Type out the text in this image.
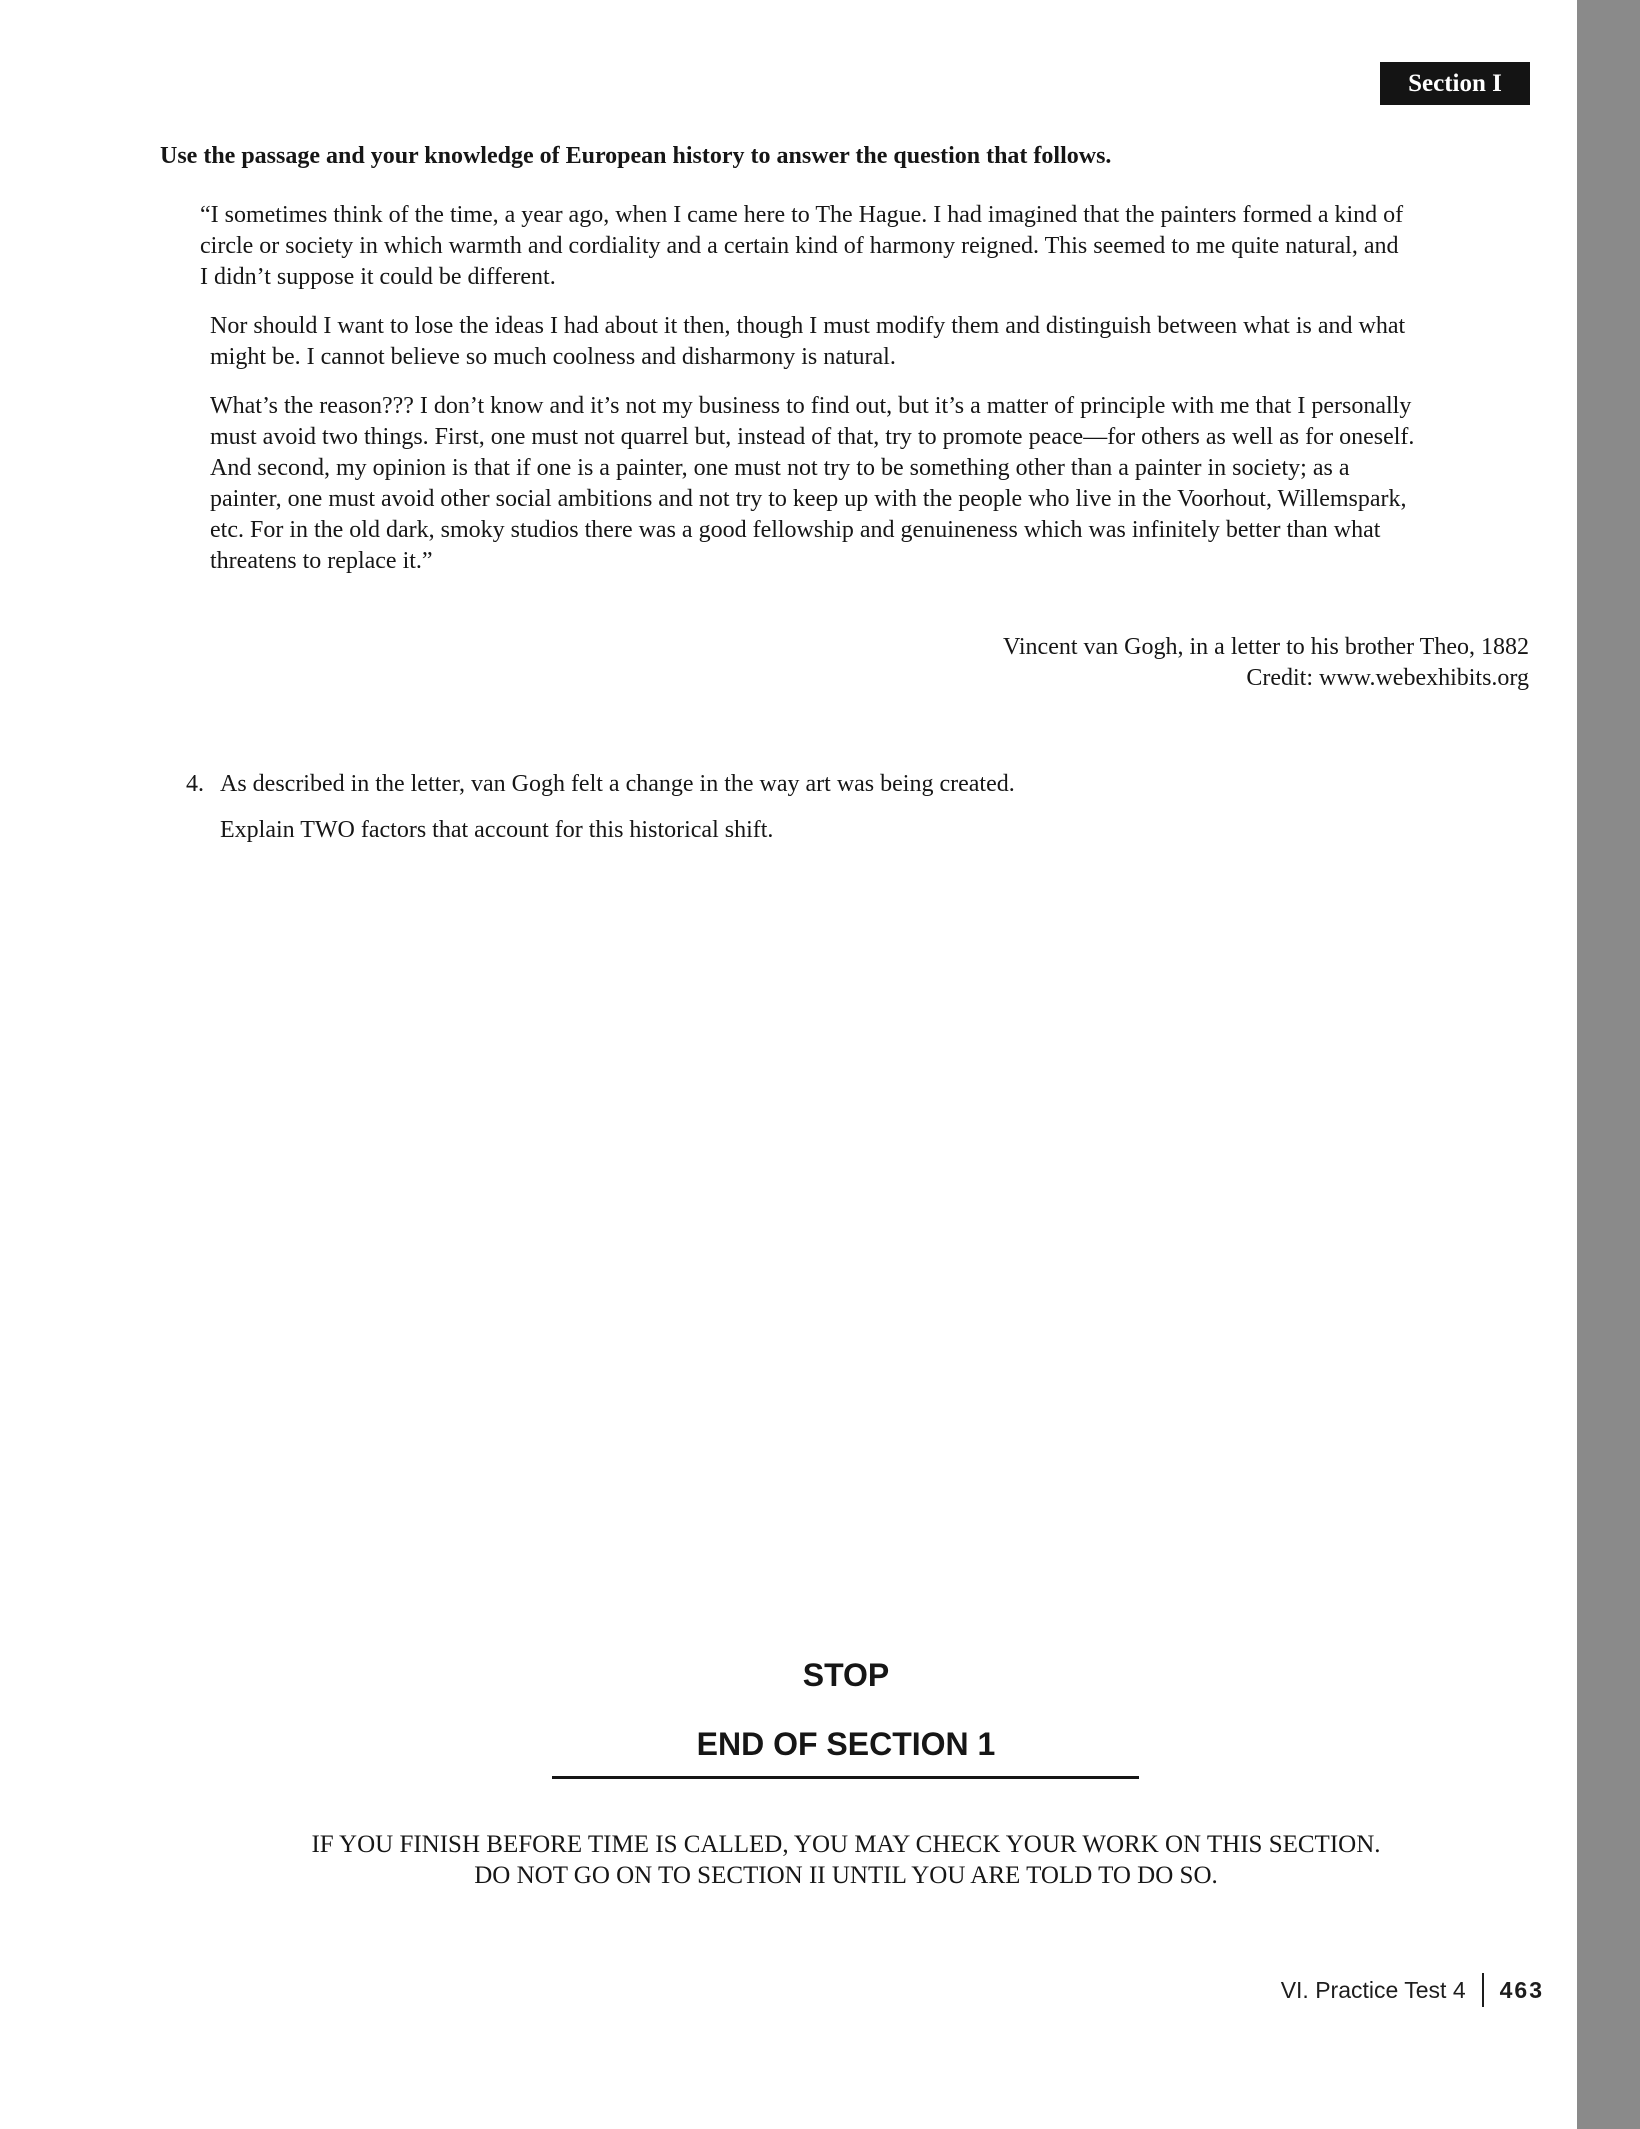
Section I
Use the passage and your knowledge of European history to answer the question that follows.

“I sometimes think of the time, a year ago, when I came here to The Hague. I had imagined that the painters formed a kind of
circle or society in which warmth and cordiality and a certain kind of harmony reigned. This seemed to me quite natural, and
I didn’t suppose it could be different.

Nor should I want to lose the ideas I had about it then, though I must modify them and distinguish between what is and what
might be. I cannot believe so much coolness and disharmony is natural.

What’s the reason??? I don’t know and it’s not my business to find out, but it’s a matter of principle with me that I personally
must avoid two things. First, one must not quarrel but, instead of that, try to promote peace—for others as well as for oneself.
And second, my opinion is that if one is a painter, one must not try to be something other than a painter in society; as a
painter, one must avoid other social ambitions and not try to keep up with the people who live in the Voorhout, Willemspark,
etc. For in the old dark, smoky studios there was a good fellowship and genuineness which was infinitely better than what
threatens to replace it.”

Vincent van Gogh, in a letter to his brother Theo, 1882
Credit: www.webexhibits.org
4. As described in the letter, van Gogh felt a change in the way art was being created.
Explain TWO factors that account for this historical shift.
STOP
END OF SECTION 1
IF YOU FINISH BEFORE TIME IS CALLED, YOU MAY CHECK YOUR WORK ON THIS SECTION.
DO NOT GO ON TO SECTION II UNTIL YOU ARE TOLD TO DO SO.
VI. Practice Test 4 463
